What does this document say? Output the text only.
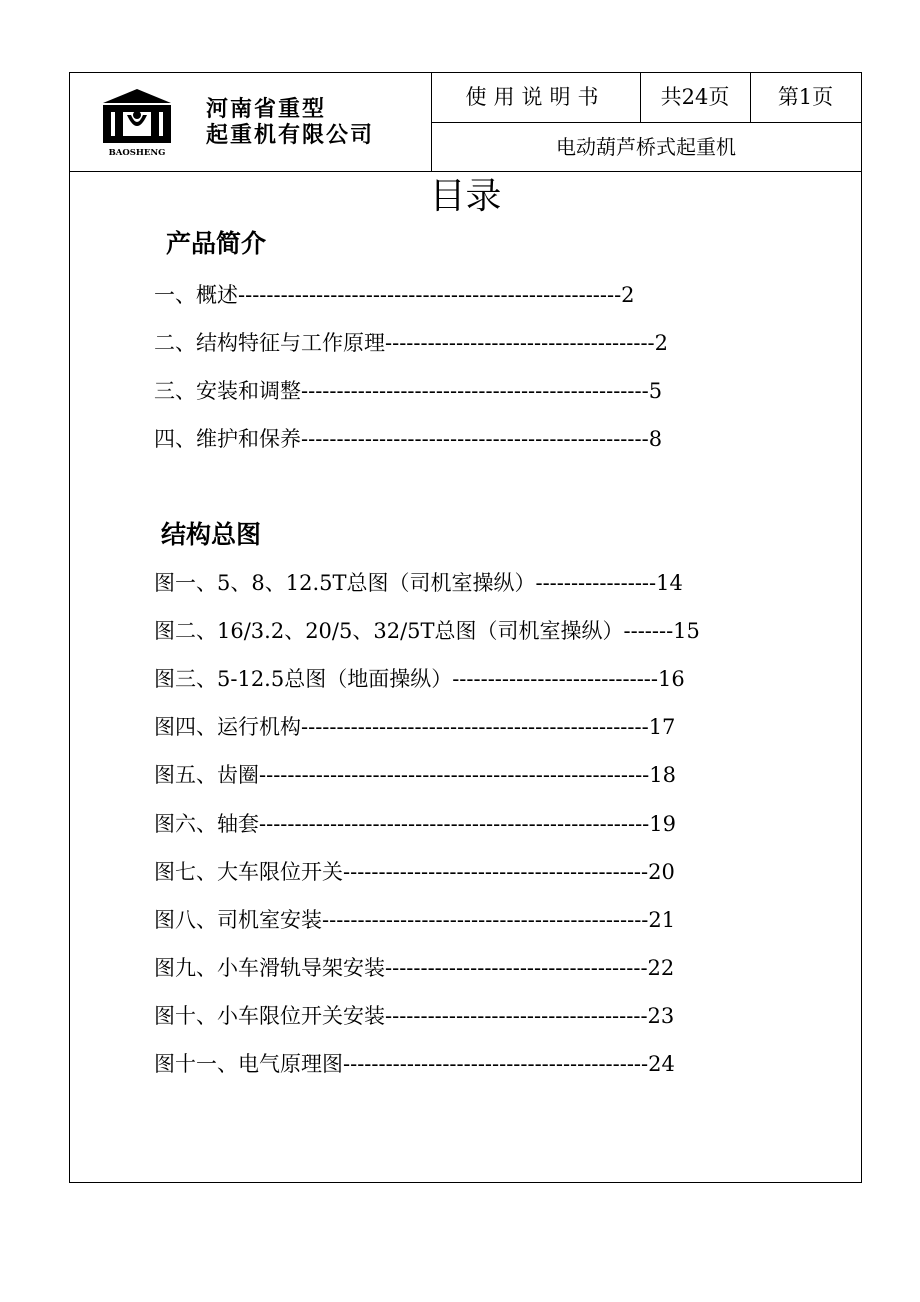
BAOSHENG
河南省重型
起重机有限公司
使用说明书	共24页	第1页
电动葫芦桥式起重机
目录
产品简介
一、概述------------------------------------------------------2
二、结构特征与工作原理--------------------------------------2
三、安装和调整-------------------------------------------------5
四、维护和保养-------------------------------------------------8
结构总图
图一、5、8、12.5T总图（司机室操纵）-----------------14
图二、16/3.2、20/5、32/5T总图（司机室操纵）-------15
图三、5-12.5总图（地面操纵）-----------------------------16
图四、运行机构-------------------------------------------------17
图五、齿圈-------------------------------------------------------18
图六、轴套-------------------------------------------------------19
图七、大车限位开关-------------------------------------------20
图八、司机室安装----------------------------------------------21
图九、小车滑轨导架安装-------------------------------------22
图十、小车限位开关安装-------------------------------------23
图十一、电气原理图-------------------------------------------24
